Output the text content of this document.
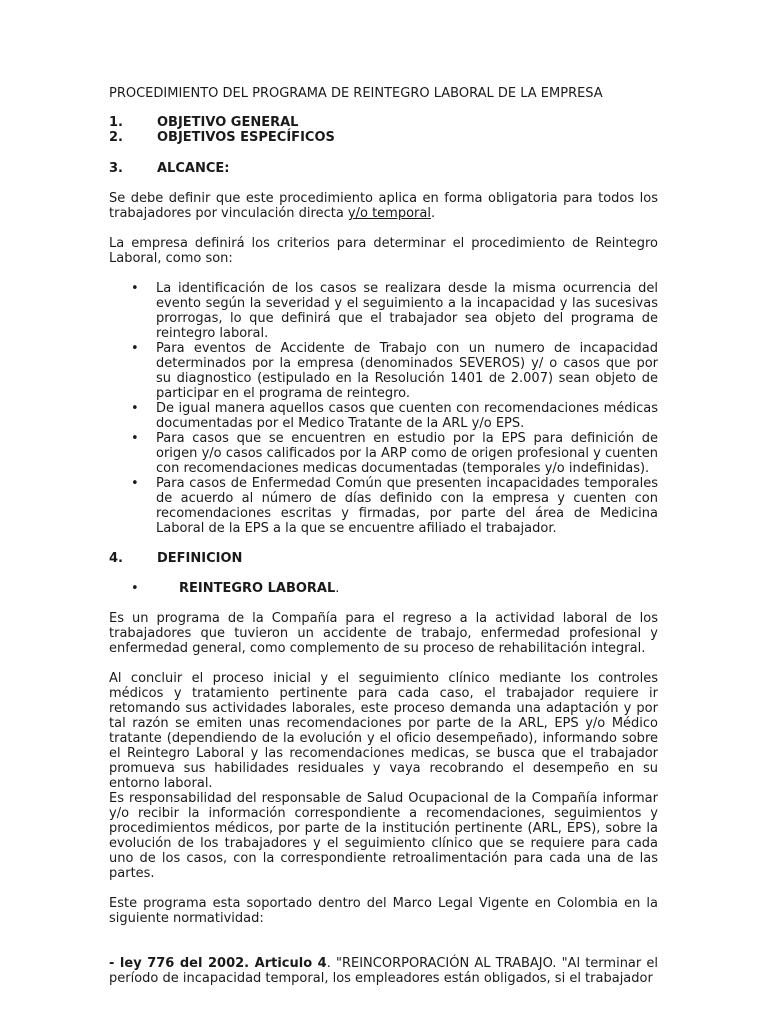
PROCEDIMIENTO DEL PROGRAMA DE REINTEGRO LABORAL DE LA EMPRESA
1.	OBJETIVO GENERAL
2.	OBJETIVOS ESPECÍFICOS
3.	ALCANCE:

Se debe definir que este procedimiento aplica en forma obligatoria para todos los trabajadores por vinculación directa y/o temporal.

La empresa definirá los criterios para determinar el procedimiento de Reintegro Laboral, como son:

• La identificación de los casos se realizara desde la misma ocurrencia del evento según la severidad y el seguimiento a la incapacidad y las sucesivas prorrogas, lo que definirá que el trabajador sea objeto del programa de reintegro laboral.
• Para eventos de Accidente de Trabajo con un numero de incapacidad determinados por la empresa (denominados SEVEROS) y/ o casos que por su diagnostico (estipulado en la Resolución 1401 de 2.007) sean objeto de participar en el programa de reintegro.
• De igual manera aquellos casos que cuenten con recomendaciones médicas documentadas por el Medico Tratante de la ARL y/o EPS.
• Para casos que se encuentren en estudio por la EPS para definición de origen y/o casos calificados por la ARP como de origen profesional y cuenten con recomendaciones medicas documentadas (temporales y/o indefinidas).
• Para casos de Enfermedad Común que presenten incapacidades temporales de acuerdo al número de días definido con la empresa y cuenten con recomendaciones escritas y firmadas, por parte del área de Medicina Laboral de la EPS a la que se encuentre afiliado el trabajador.
4.	DEFINICION
• REINTEGRO LABORAL.

Es un programa de la Compañía para el regreso a la actividad laboral de los trabajadores que tuvieron un accidente de trabajo, enfermedad profesional y enfermedad general, como complemento de su proceso de rehabilitación integral.

Al concluir el proceso inicial y el seguimiento clínico mediante los controles médicos y tratamiento pertinente para cada caso, el trabajador requiere ir retomando sus actividades laborales, este proceso demanda una adaptación y por tal razón se emiten unas recomendaciones por parte de la ARL, EPS y/o Médico tratante (dependiendo de la evolución y el oficio desempeñado), informando sobre el Reintegro Laboral y las recomendaciones medicas, se busca que el trabajador promueva sus habilidades residuales y vaya recobrando el desempeño en su entorno laboral.

Es responsabilidad del responsable de Salud Ocupacional de la Compañía informar y/o recibir la información correspondiente a recomendaciones, seguimientos y procedimientos médicos, por parte de la institución pertinente (ARL, EPS), sobre la evolución de los trabajadores y el seguimiento clínico que se requiere para cada uno de los casos, con la correspondiente retroalimentación para cada una de las partes.

Este programa esta soportado dentro del Marco Legal Vigente en Colombia en la siguiente normatividad:

- ley 776 del 2002. Articulo 4. "REINCORPORACIÓN AL TRABAJO. "Al terminar el período de incapacidad temporal, los empleadores están obligados, si el trabajador
